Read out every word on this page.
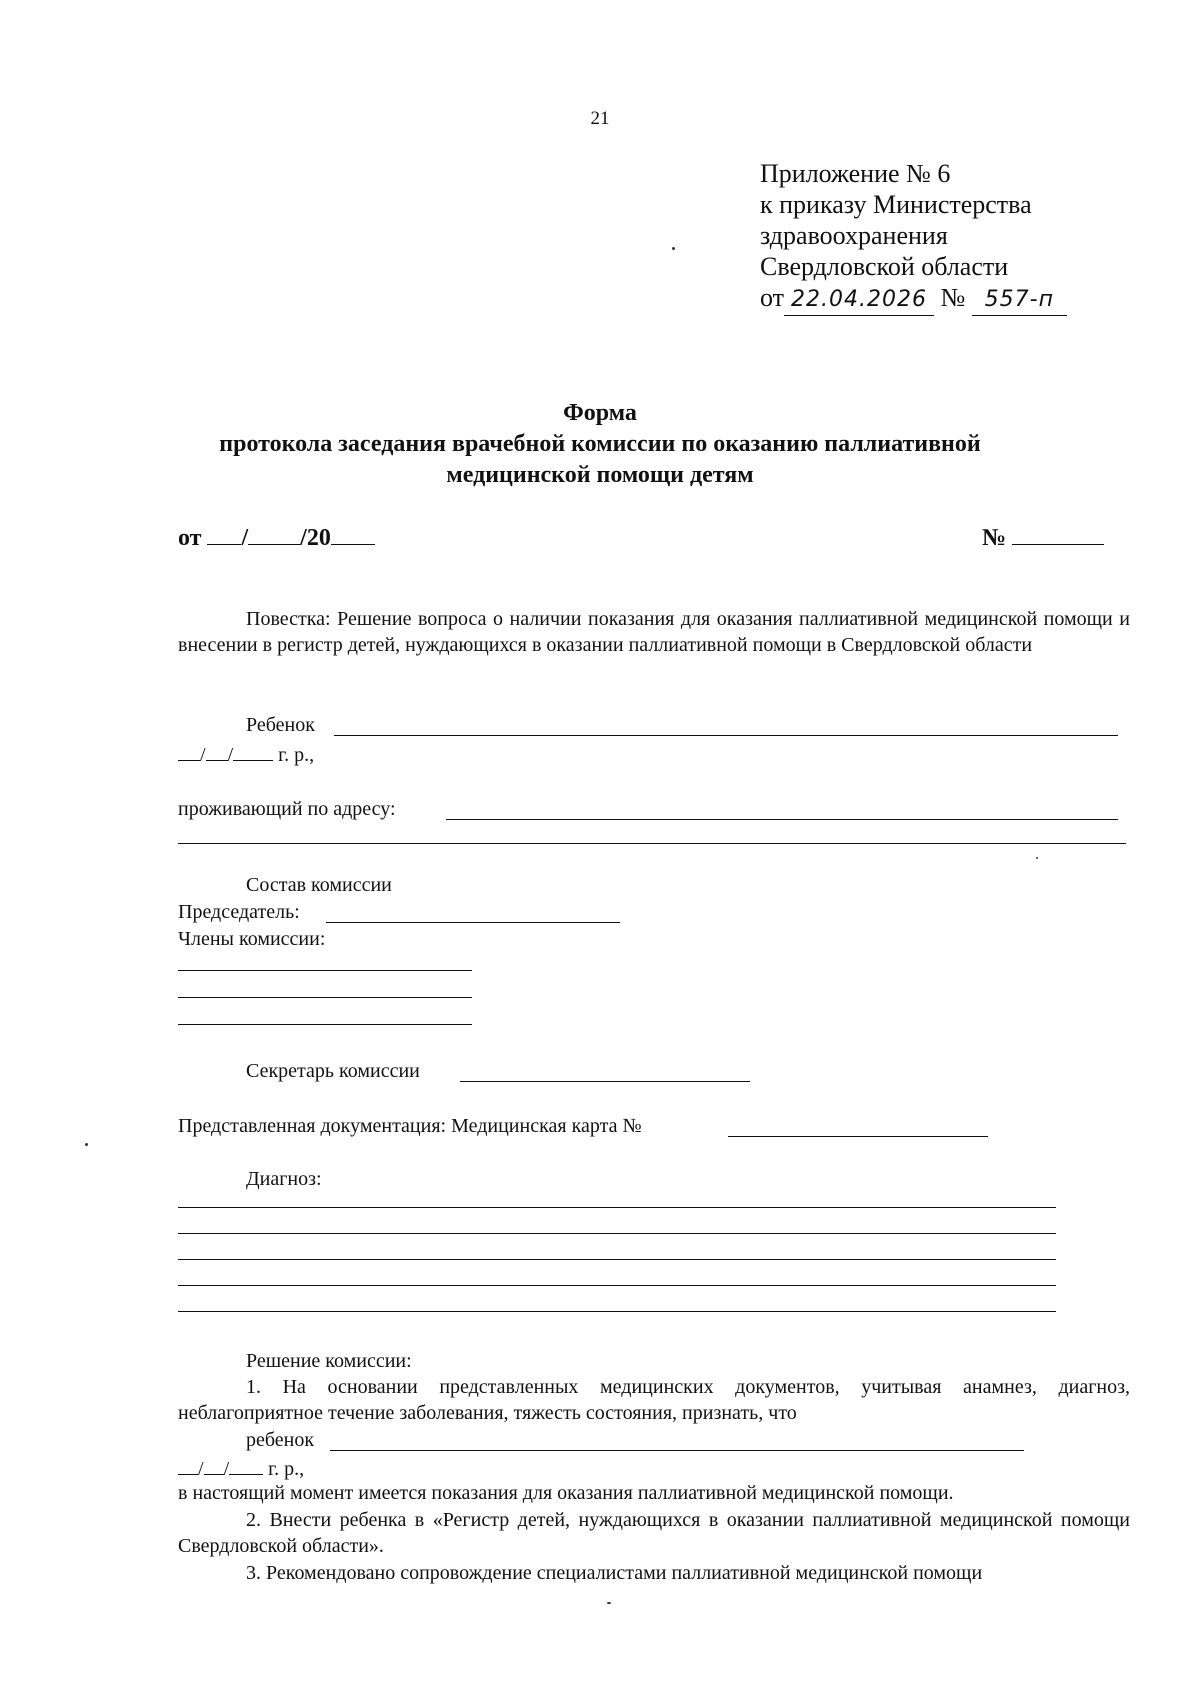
21
Приложение № 6
к приказу Министерства
здравоохранения
Свердловской области
от 22.04.2026 № 557-п
Форма
протокола заседания врачебной комиссии по оказанию паллиативной
медицинской помощи детям
от / /20	№
Повестка: Решение вопроса о наличии показания для оказания паллиативной медицинской помощи и внесении в регистр детей, нуждающихся в оказании паллиативной помощи в Свердловской области
Ребенок
/ / г. р.,
проживающий по адресу:
Состав комиссии
Председатель:
Члены комиссии:
Секретарь комиссии
Представленная документация: Медицинская карта №
Диагноз:
Решение комиссии:
1. На основании представленных медицинских документов, учитывая анамнез, диагноз, неблагоприятное течение заболевания, тяжесть состояния, признать, что
ребенок
/ / г. р.,
в настоящий момент имеется показания для оказания паллиативной медицинской помощи.
2. Внести ребенка в «Регистр детей, нуждающихся в оказании паллиативной медицинской помощи Свердловской области».
3. Рекомендовано сопровождение специалистами паллиативной медицинской помощи
